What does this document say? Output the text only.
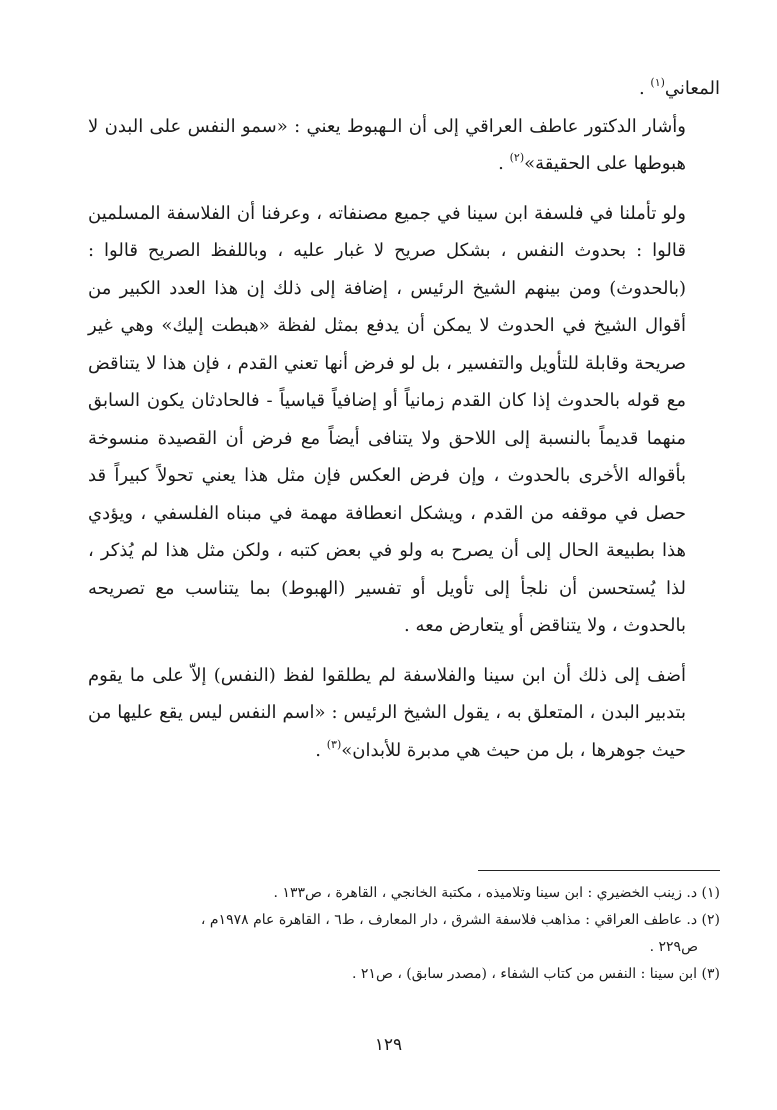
المعاني$^{(١)}$ .

وأشار الدكتور عاطف العراقي إلى أن الـهبوط يعني : «سمو النفس على البدن لا هبوطها على الحقيقة»$^{(٢)}$ .

ولو تأملنا في فلسفة ابن سينا في جميع مصنفاته ، وعرفنا أن الفلاسفة المسلمين قالوا : بحدوث النفس ، بشكل صريح لا غبار عليه ، وباللفظ الصريح قالوا : (بالحدوث) ومن بينهم الشيخ الرئيس ، إضافة إلى ذلك إن هذا العدد الكبير من أقوال الشيخ في الحدوث لا يمكن أن يدفع بمثل لفظة «هبطت إليك» وهي غير صريحة وقابلة للتأويل والتفسير ، بل لو فرض أنها تعني القدم ، فإن هذا لا يتناقض مع قوله بالحدوث إذا كان القدم زمانياً أو إضافياً قياسياً - فالحادثان يكون السابق منهما قديماً بالنسبة إلى اللاحق ولا يتنافى أيضاً مع فرض أن القصيدة منسوخة بأقواله الأخرى بالحدوث ، وإن فرض العكس فإن مثل هذا يعني تحولاً كبيراً قد حصل في موقفه من القدم ، ويشكل انعطافة مهمة في مبناه الفلسفي ، ويؤدي هذا بطبيعة الحال إلى أن يصرح به ولو في بعض كتبه ، ولكن مثل هذا لم يُذكر ، لذا يُستحسن أن نلجأ إلى تأويل أو تفسير (الهبوط) بما يتناسب مع تصريحه بالحدوث ، ولا يتناقض أو يتعارض معه .

أضف إلى ذلك أن ابن سينا والفلاسفة لم يطلقوا لفظ (النفس) إلاّ على ما يقوم بتدبير البدن ، المتعلق به ، يقول الشيخ الرئيس : «اسم النفس ليس يقع عليها من حيث جوهرها ، بل من حيث هي مدبرة للأبدان»$^{(٣)}$ .

(١) د. زينب الخضيري : ابن سينا وتلاميذه ، مكتبة الخانجي ، القاهرة ، ص١٣٣ .

(٢) د. عاطف العراقي : مذاهب فلاسفة الشرق ، دار المعارف ، ط٦ ، القاهرة عام ١٩٧٨م ،

ص٢٢٩ .

(٣) ابن سينا : النفس من كتاب الشفاء ، (مصدر سابق) ، ص٢١ .

١٢٩
